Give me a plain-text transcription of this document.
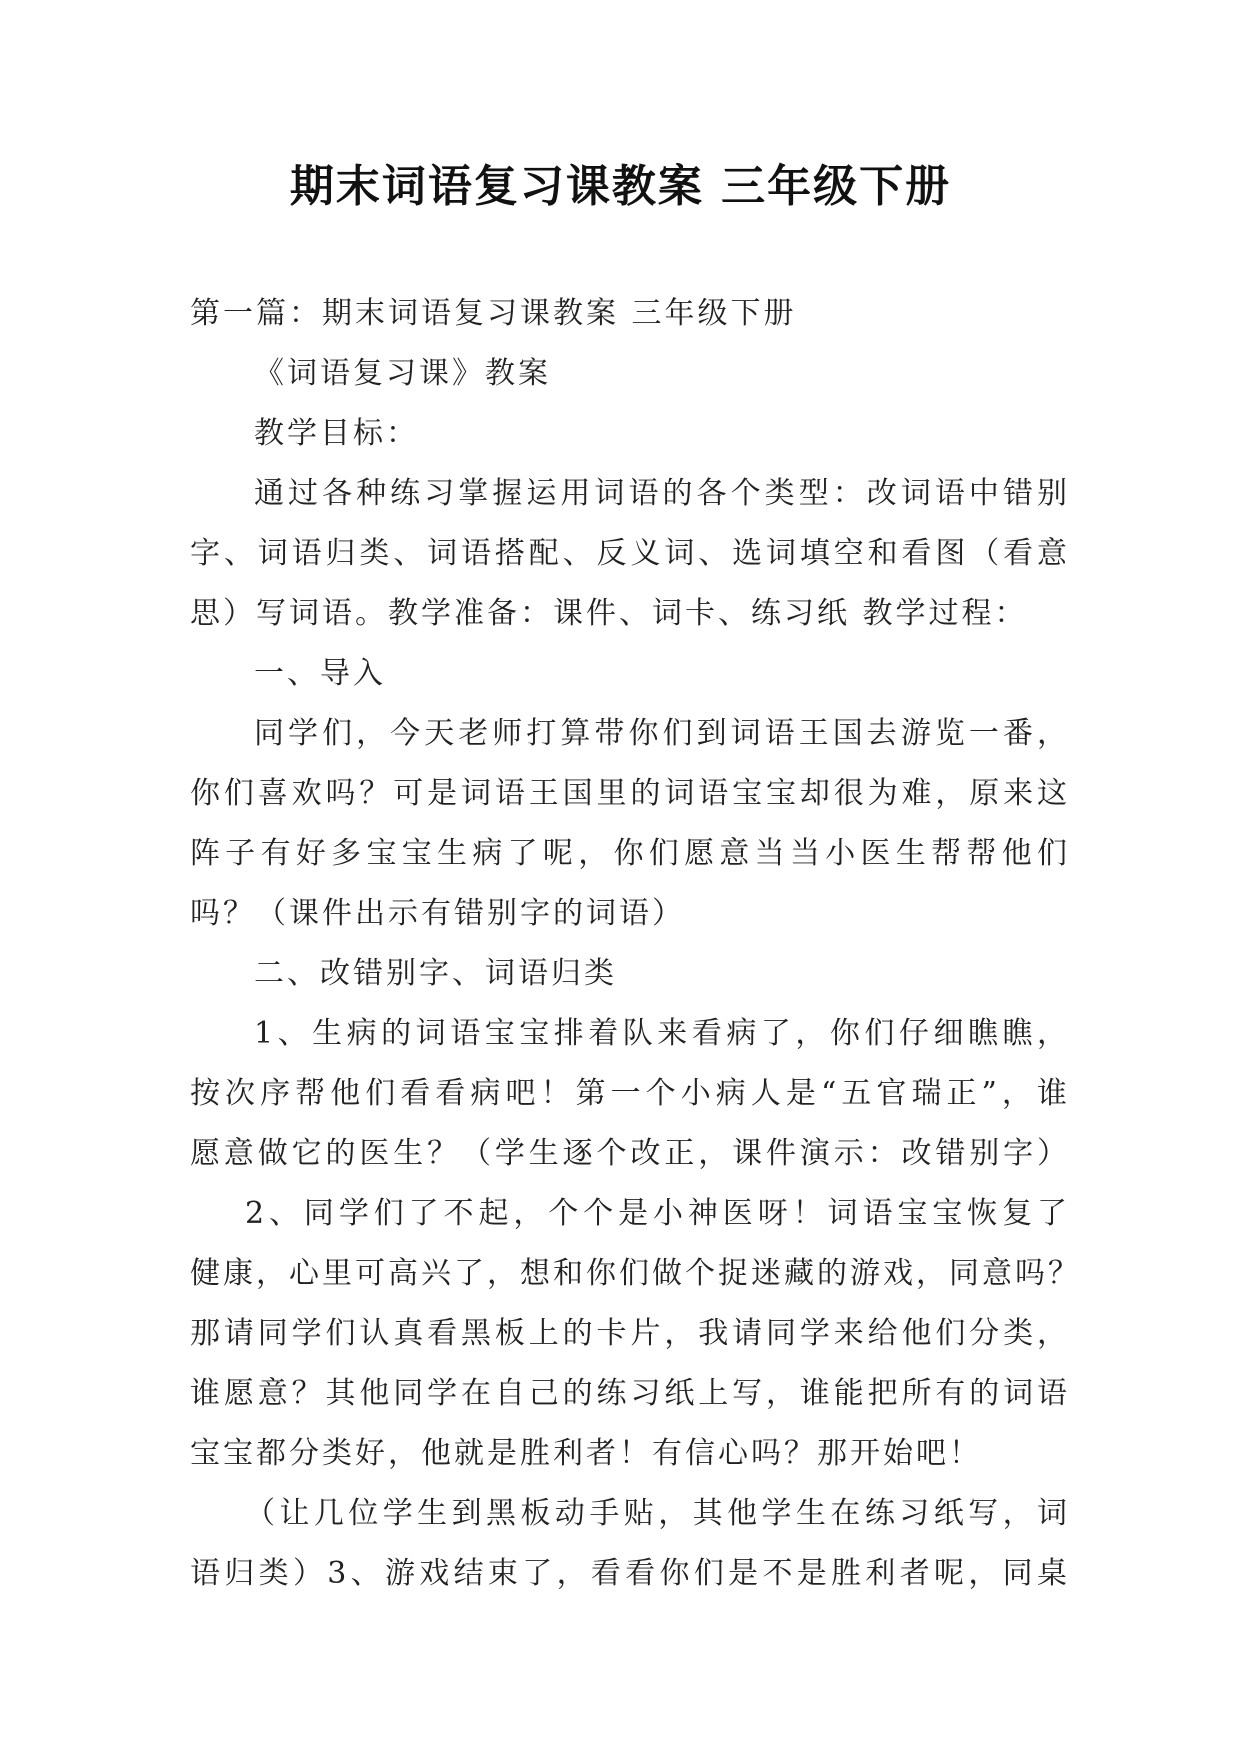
期末词语复习课教案 三年级下册

第一篇：期末词语复习课教案 三年级下册

《词语复习课》教案

教学目标：

通过各种练习掌握运用词语的各个类型：改词语中错别

字、词语归类、词语搭配、反义词、选词填空和看图（看意

思）写词语。教学准备：课件、词卡、练习纸 教学过程：

一、导入

同学们，今天老师打算带你们到词语王国去游览一番，

你们喜欢吗？可是词语王国里的词语宝宝却很为难，原来这

阵子有好多宝宝生病了呢，你们愿意当当小医生帮帮他们

吗？（课件出示有错别字的词语）

二、改错别字、词语归类

1、生病的词语宝宝排着队来看病了，你们仔细瞧瞧，

按次序帮他们看看病吧！第一个小病人是“五官瑞正”，谁

愿意做它的医生？（学生逐个改正，课件演示：改错别字）

2、同学们了不起，个个是小神医呀！词语宝宝恢复了

健康，心里可高兴了，想和你们做个捉迷藏的游戏，同意吗？

那请同学们认真看黑板上的卡片，我请同学来给他们分类，

谁愿意？其他同学在自己的练习纸上写，谁能把所有的词语

宝宝都分类好，他就是胜利者！有信心吗？那开始吧！

（让几位学生到黑板动手贴，其他学生在练习纸写，词

语归类）3、游戏结束了，看看你们是不是胜利者呢，同桌
